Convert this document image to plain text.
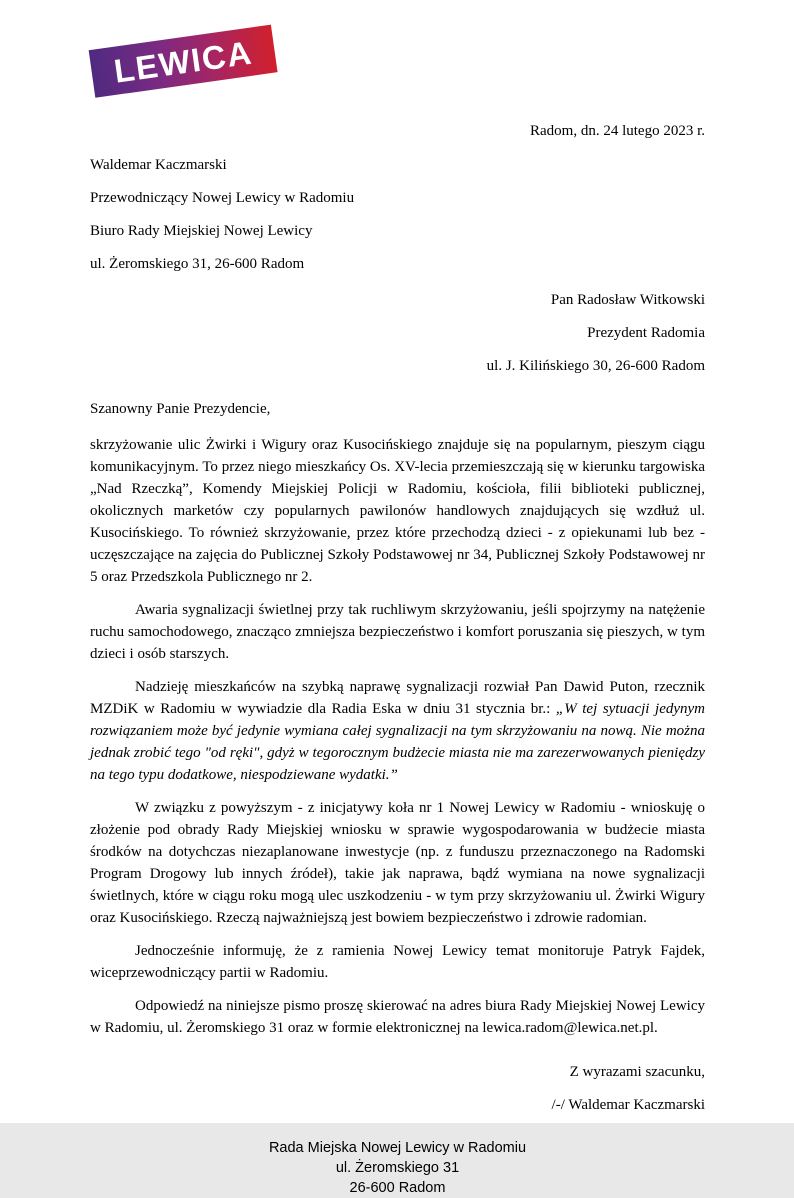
LEWICA
Radom, dn. 24 lutego 2023 r.
Waldemar Kaczmarski
Przewodniczący Nowej Lewicy w Radomiu
Biuro Rady Miejskiej Nowej Lewicy
ul. Żeromskiego 31, 26-600 Radom
Pan Radosław Witkowski
Prezydent Radomia
ul. J. Kilińskiego 30, 26-600 Radom
Szanowny Panie Prezydencie,

skrzyżowanie ulic Żwirki i Wigury oraz Kusocińskiego znajduje się na popularnym, pieszym ciągu komunikacyjnym. To przez niego mieszkańcy Os. XV-lecia przemieszczają się w kierunku targowiska „Nad Rzeczką”, Komendy Miejskiej Policji w Radomiu, kościoła, filii biblioteki publicznej, okolicznych marketów czy popularnych pawilonów handlowych znajdujących się wzdłuż ul. Kusocińskiego. To również skrzyżowanie, przez które przechodzą dzieci - z opiekunami lub bez - uczęszczające na zajęcia do Publicznej Szkoły Podstawowej nr 34, Publicznej Szkoły Podstawowej nr 5 oraz Przedszkola Publicznego nr 2.

Awaria sygnalizacji świetlnej przy tak ruchliwym skrzyżowaniu, jeśli spojrzymy na natężenie ruchu samochodowego, znacząco zmniejsza bezpieczeństwo i komfort poruszania się pieszych, w tym dzieci i osób starszych.

Nadzieję mieszkańców na szybką naprawę sygnalizacji rozwiał Pan Dawid Puton, rzecznik MZDiK w Radomiu w wywiadzie dla Radia Eska w dniu 31 stycznia br.: „W tej sytuacji jedynym rozwiązaniem może być jedynie wymiana całej sygnalizacji na tym skrzyżowaniu na nową. Nie można jednak zrobić tego "od ręki", gdyż w tegorocznym budżecie miasta nie ma zarezerwowanych pieniędzy na tego typu dodatkowe, niespodziewane wydatki.”

W związku z powyższym - z inicjatywy koła nr 1 Nowej Lewicy w Radomiu - wnioskuję o złożenie pod obrady Rady Miejskiej wniosku w sprawie wygospodarowania w budżecie miasta środków na dotychczas niezaplanowane inwestycje (np. z funduszu przeznaczonego na Radomski Program Drogowy lub innych źródeł), takie jak naprawa, bądź wymiana na nowe sygnalizacji świetlnych, które w ciągu roku mogą ulec uszkodzeniu - w tym przy skrzyżowaniu ul. Żwirki Wigury oraz Kusocińskiego. Rzeczą najważniejszą jest bowiem bezpieczeństwo i zdrowie radomian.

Jednocześnie informuję, że z ramienia Nowej Lewicy temat monitoruje Patryk Fajdek, wiceprzewodniczący partii w Radomiu.

Odpowiedź na niniejsze pismo proszę skierować na adres biura Rady Miejskiej Nowej Lewicy w Radomiu, ul. Żeromskiego 31 oraz w formie elektronicznej na lewica.radom@lewica.net.pl.

Z wyrazami szacunku,
/-/ Waldemar Kaczmarski
Rada Miejska Nowej Lewicy w Radomiu
ul. Żeromskiego 31
26-600 Radom
